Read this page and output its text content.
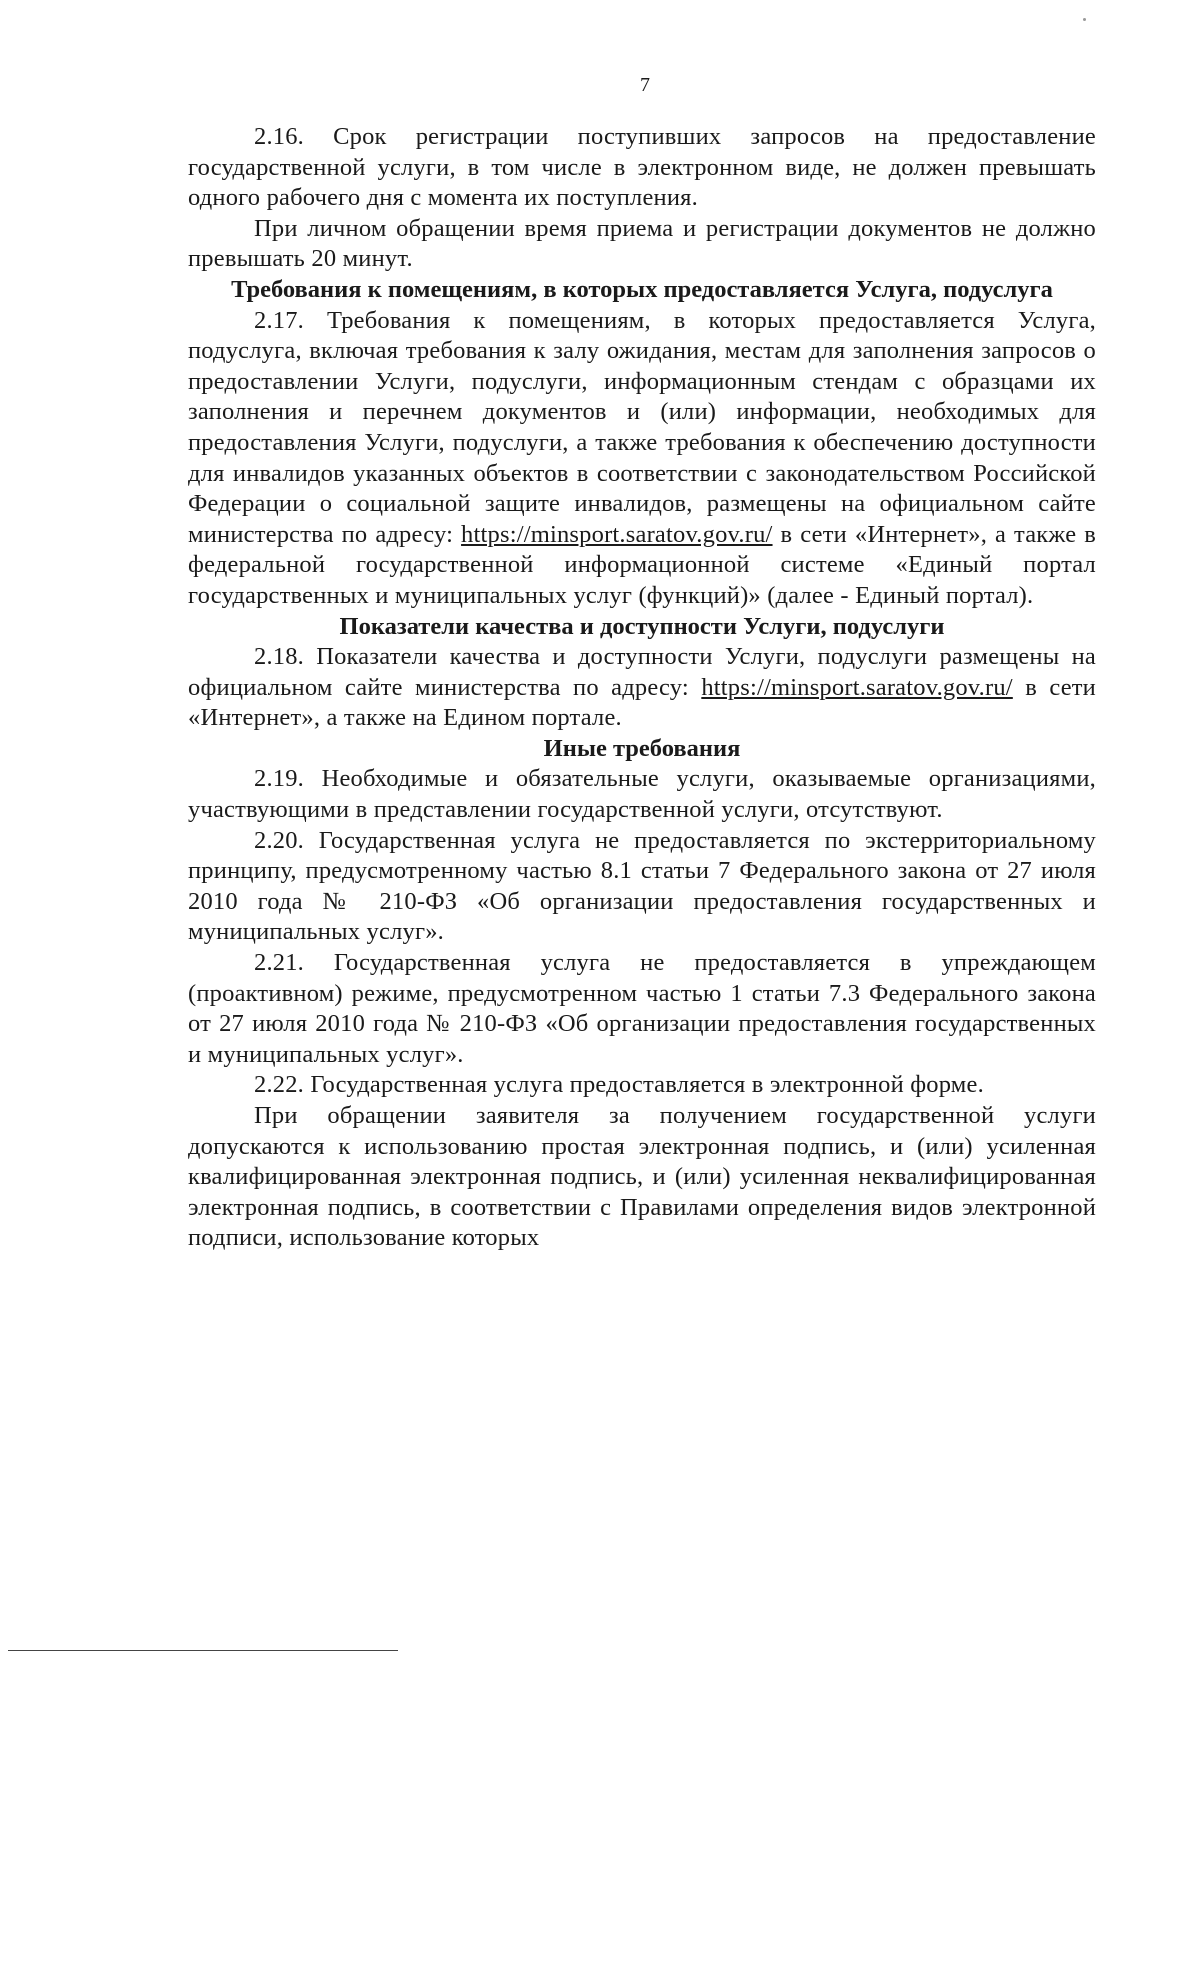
7

2.16. Срок регистрации поступивших запросов на предоставление государственной услуги, в том числе в электронном виде, не должен превышать одного рабочего дня с момента их поступления.

При личном обращении время приема и регистрации документов не должно превышать 20 минут.

Требования к помещениям, в которых предоставляется Услуга, подуслуга

2.17. Требования к помещениям, в которых предоставляется Услуга, подуслуга, включая требования к залу ожидания, местам для заполнения запросов о предоставлении Услуги, подуслуги, информационным стендам с образцами их заполнения и перечнем документов и (или) информации, необходимых для предоставления Услуги, подуслуги, а также требования к обеспечению доступности для инвалидов указанных объектов в соответствии с законодательством Российской Федерации о социальной защите инвалидов, размещены на официальном сайте министерства по адресу: https://minsport.saratov.gov.ru/ в сети «Интернет», а также в федеральной государственной информационной системе «Единый портал государственных и муниципальных услуг (функций)» (далее - Единый портал).

Показатели качества и доступности Услуги, подуслуги

2.18. Показатели качества и доступности Услуги, подуслуги размещены на официальном сайте министерства по адресу: https://minsport.saratov.gov.ru/ в сети «Интернет», а также на Едином портале.

Иные требования

2.19. Необходимые и обязательные услуги, оказываемые организациями, участвующими в представлении государственной услуги, отсутствуют.

2.20. Государственная услуга не предоставляется по экстерриториальному принципу, предусмотренному частью 8.1 статьи 7 Федерального закона от 27 июля 2010 года № 210-ФЗ «Об организации предоставления государственных и муниципальных услуг».

2.21. Государственная услуга не предоставляется в упреждающем (проактивном) режиме, предусмотренном частью 1 статьи 7.3 Федерального закона от 27 июля 2010 года № 210-ФЗ «Об организации предоставления государственных и муниципальных услуг».

2.22. Государственная услуга предоставляется в электронной форме.

При обращении заявителя за получением государственной услуги допускаются к использованию простая электронная подпись, и (или) усиленная квалифицированная электронная подпись, и (или) усиленная неквалифицированная электронная подпись, в соответствии с Правилами определения видов электронной подписи, использование которых
